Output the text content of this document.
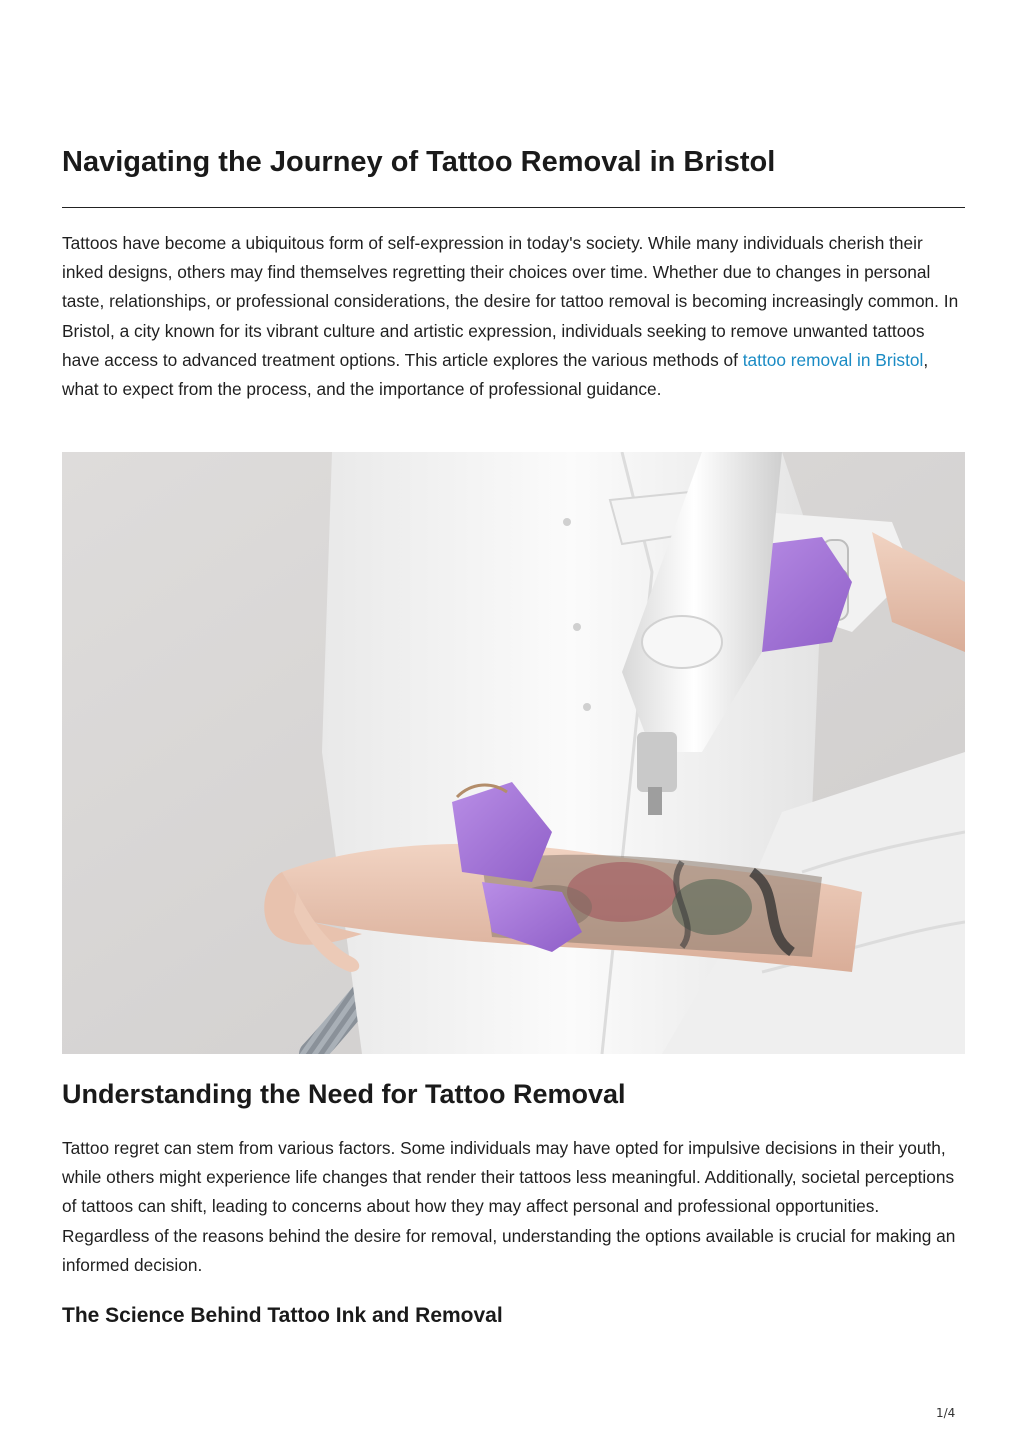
Navigating the Journey of Tattoo Removal in Bristol

Tattoos have become a ubiquitous form of self-expression in today's society. While many individuals cherish their inked designs, others may find themselves regretting their choices over time. Whether due to changes in personal taste, relationships, or professional considerations, the desire for tattoo removal is becoming increasingly common. In Bristol, a city known for its vibrant culture and artistic expression, individuals seeking to remove unwanted tattoos have access to advanced treatment options. This article explores the various methods of tattoo removal in Bristol, what to expect from the process, and the importance of professional guidance.

Understanding the Need for Tattoo Removal

Tattoo regret can stem from various factors. Some individuals may have opted for impulsive decisions in their youth, while others might experience life changes that render their tattoos less meaningful. Additionally, societal perceptions of tattoos can shift, leading to concerns about how they may affect personal and professional opportunities. Regardless of the reasons behind the desire for removal, understanding the options available is crucial for making an informed decision.

The Science Behind Tattoo Ink and Removal
1/4
